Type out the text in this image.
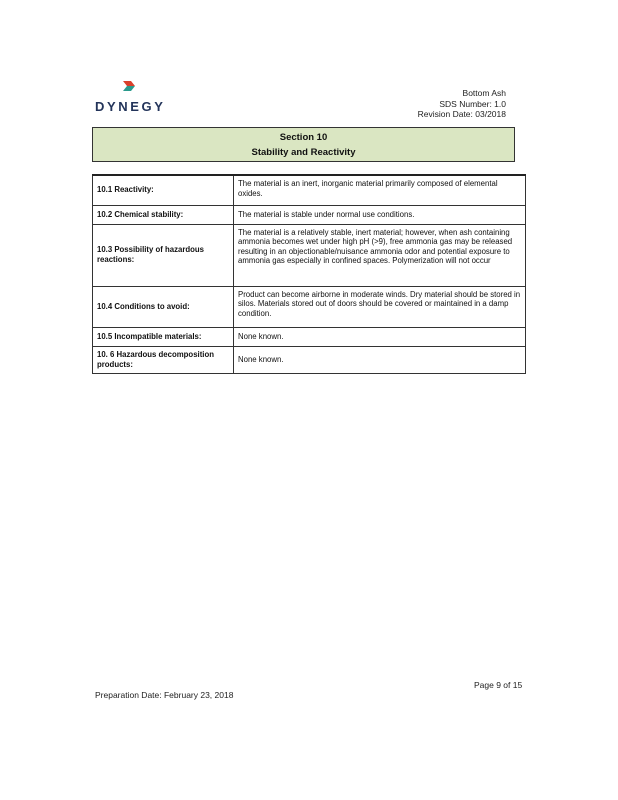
DYNEGY
Bottom Ash
SDS Number: 1.0
Revision Date: 03/2018
Section 10
Stability and Reactivity
10.1 Reactivity:	The material is an inert, inorganic material primarily composed of elemental oxides.
10.2 Chemical stability:	The material is stable under normal use conditions.
10.3 Possibility of hazardous reactions:	The material is a relatively stable, inert material; however, when ash containing ammonia becomes wet under high pH (>9), free ammonia gas may be released resulting in an objectionable/nuisance ammonia odor and potential exposure to ammonia gas especially in confined spaces. Polymerization will not occur
10.4 Conditions to avoid:	Product can become airborne in moderate winds. Dry material should be stored in silos. Materials stored out of doors should be covered or maintained in a damp condition.
10.5 Incompatible materials:	None known.
10. 6 Hazardous decomposition products:	None known.
Page 9 of 15
Preparation Date: February 23, 2018
